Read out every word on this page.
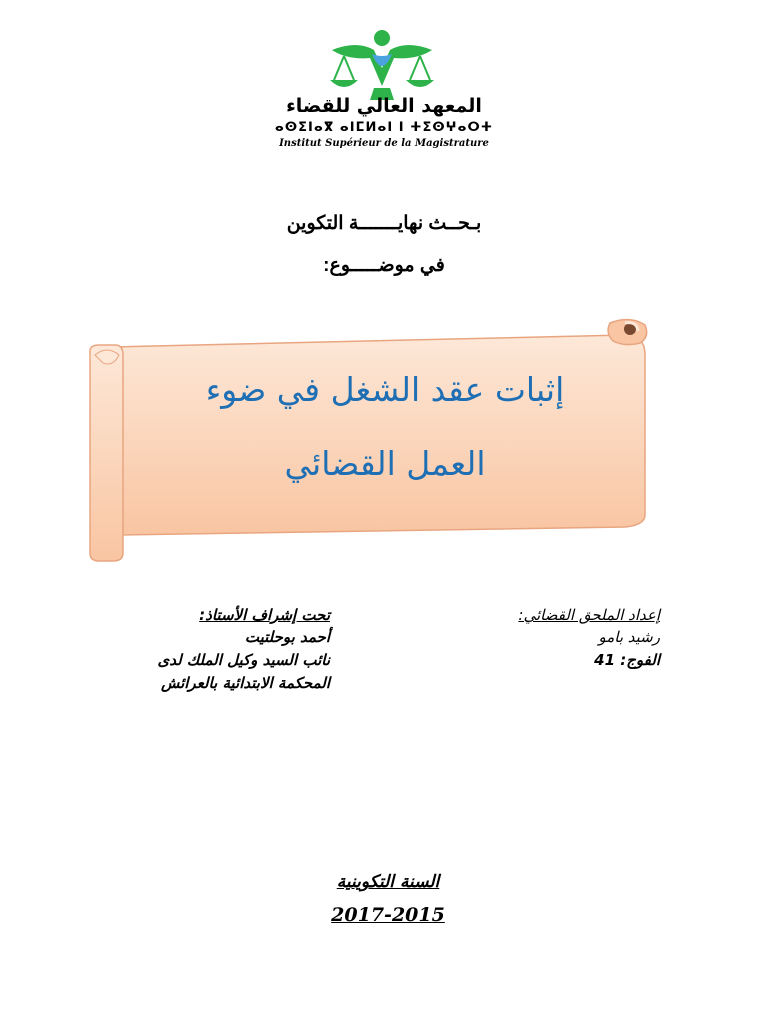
المعهد العالي للقضاء
ⴰⵙⵉⵏⴰⴳ ⴰⵏⵎⵍⴰⵏ ⵏ ⵜⵉⵙⵖⴰⵔⵜ
Institut Supérieur de la Magistrature
بـحــث نهايـــــــة التكوين
في موضـــــوع:
إثبات عقد الشغل في ضوء
العمل القضائي
تحت إشراف الأستاذ:
أحمد بوحلتيت
نائب السيد وكيل الملك لدى
المحكمة الابتدائية بالعرائش
إعداد الملحق القضائي:
رشيد بامو
الفوج: 41
السنة التكوينية
2017-2015
